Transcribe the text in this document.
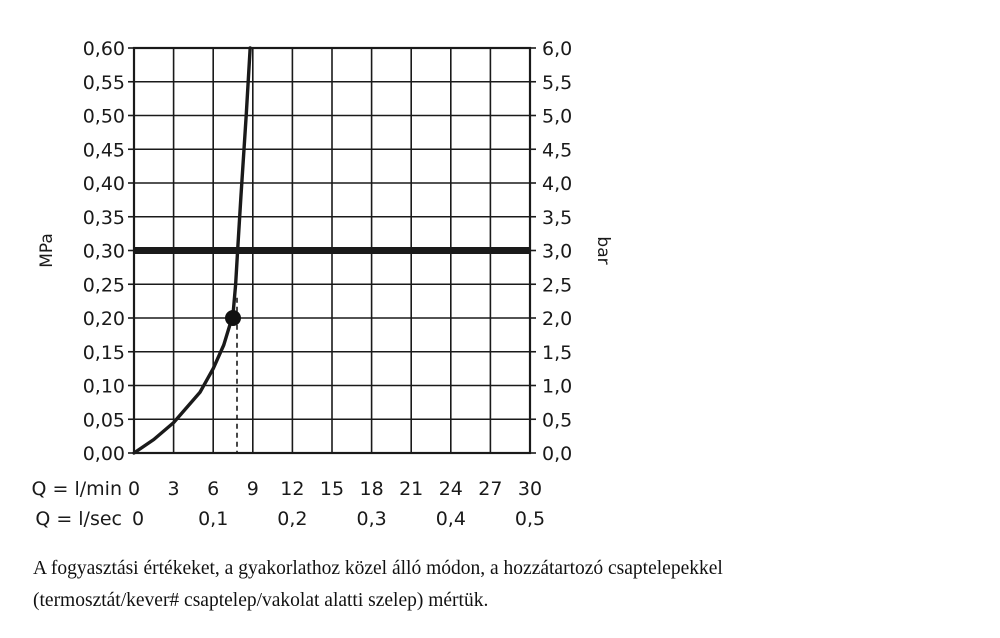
0,00	0,0
0,05	0,5
0,10	1,0
0,15	1,5
0,20	2,0
0,25	2,5
0,30	3,0
0,35	3,5
0,40	4,0
0,45	4,5
0,50	5,0
0,55	5,5
0,60	6,0
MPa	bar
Q = l/min 0 3 6 9 12 15 18 21 24 27 30
Q = l/sec 0	0,1	0,2	0,3	0,4	0,5
A fogyasztási értékeket, a gyakorlathoz közel álló módon, a hozzátartozó csaptelepekkel
(termosztát/kever# csaptelep/vakolat alatti szelep) mértük.
